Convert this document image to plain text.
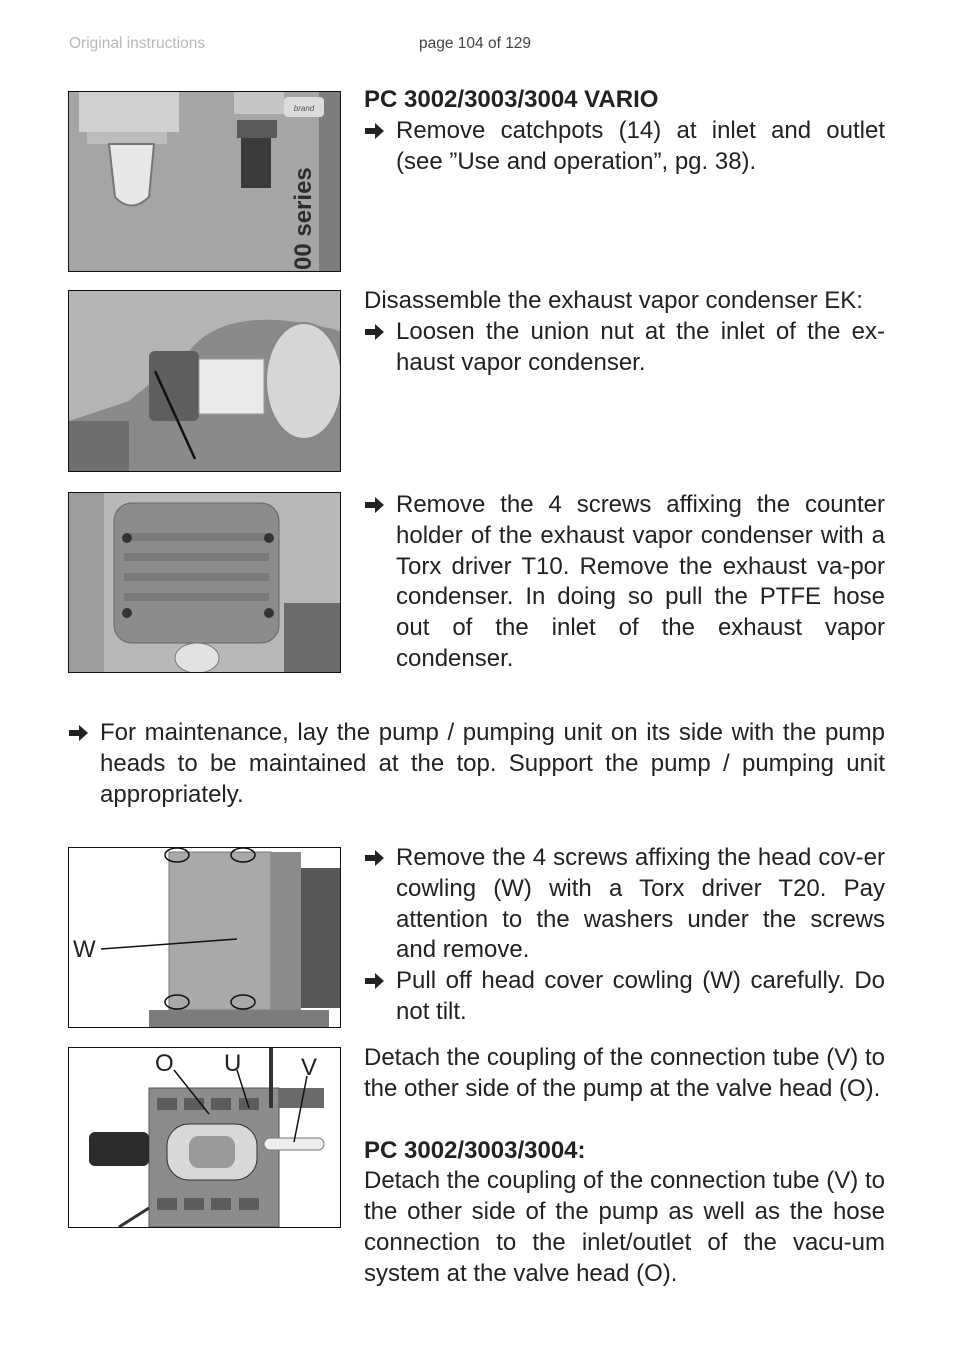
Original instructions	page 104 of 129
brand
00 series

PC 3002/3003/3004 VARIO

Remove catchpots (14) at inlet and outlet (see ”Use and operation”, pg. 38).

Disassemble the exhaust vapor condenser EK:

Loosen the union nut at the inlet of the ex-haust vapor condenser.

Remove the 4 screws affixing the counter holder of the exhaust vapor condenser with a Torx driver T10. Remove the exhaust va-por condenser. In doing so pull the PTFE hose out of the inlet of the exhaust vapor condenser.

For maintenance, lay the pump / pumping unit on its side with the pump heads to be maintained at the top. Support the pump / pumping unit appropriately.

W

Remove the 4 screws affixing the head cov-er cowling (W) with a Torx driver T20. Pay attention to the washers under the screws and remove.

Pull off head cover cowling (W) carefully. Do not tilt.

O U V Detach the coupling of the connection tube (V) to the other side of the pump at the valve head (O).

PC 3002/3003/3004:

Detach the coupling of the connection tube (V) to the other side of the pump as well as the hose connection to the inlet/outlet of the vacu-um system at the valve head (O).
